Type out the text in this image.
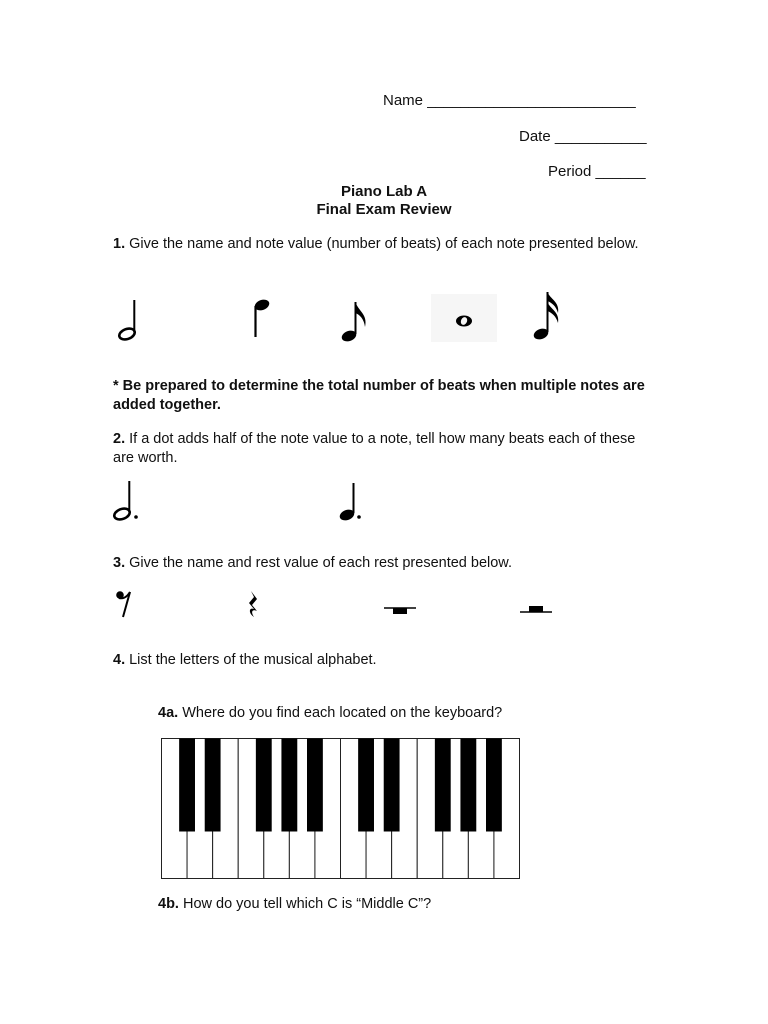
Name _________________________
Date ___________
Period ______
Piano Lab A
Final Exam Review
1. Give the name and note value (number of beats) of each note presented below.
* Be prepared to determine the total number of beats when multiple notes are added together.
2. If a dot adds half of the note value to a note, tell how many beats each of these are worth.
3. Give the name and rest value of each rest presented below.
4. List the letters of the musical alphabet.
4a. Where do you find each located on the keyboard?
4b. How do you tell which C is “Middle C”?
